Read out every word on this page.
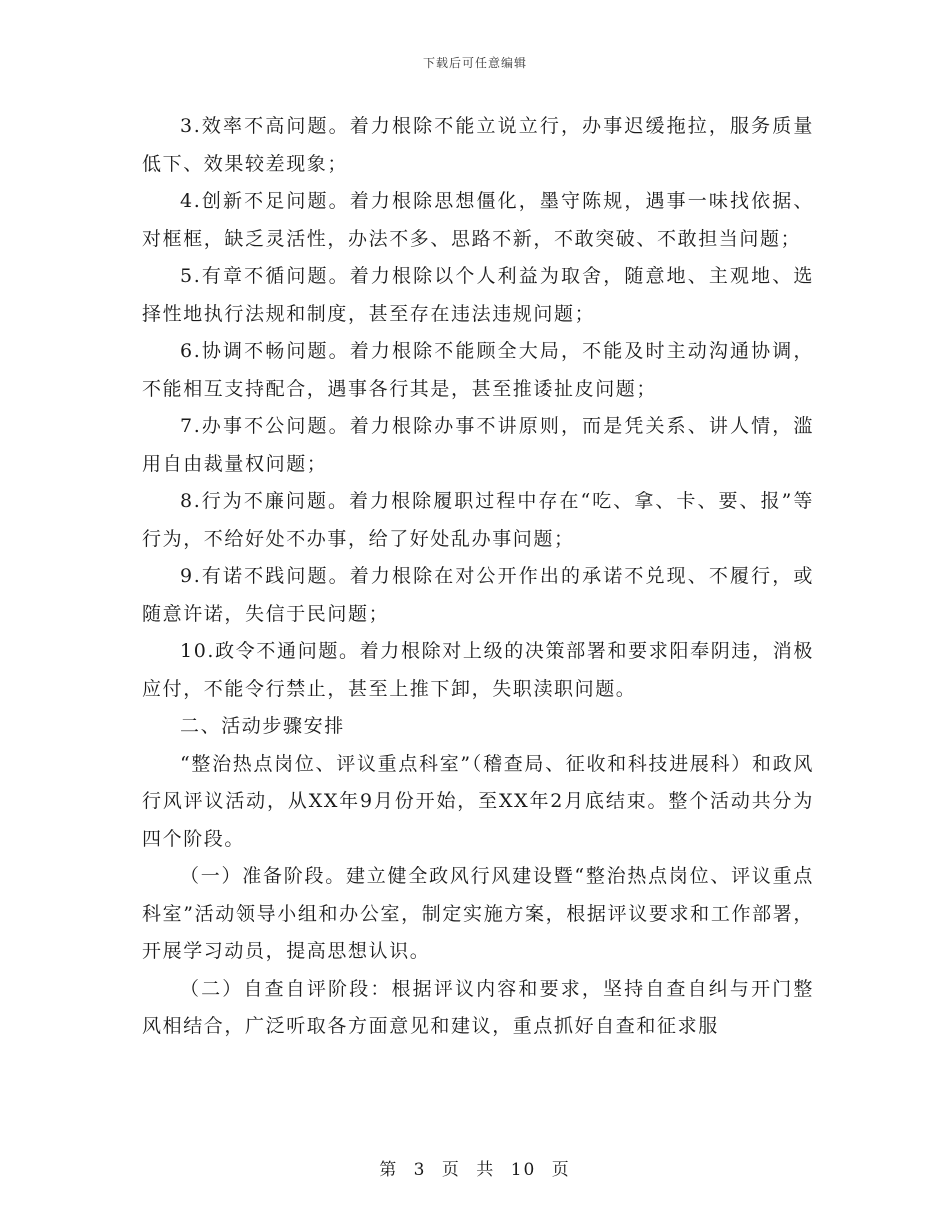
下载后可任意编辑

3.效率不高问题。着力根除不能立说立行，办事迟缓拖拉，服务质量低下、效果较差现象；

4.创新不足问题。着力根除思想僵化，墨守陈规，遇事一味找依据、对框框，缺乏灵活性，办法不多、思路不新，不敢突破、不敢担当问题；

5.有章不循问题。着力根除以个人利益为取舍，随意地、主观地、选择性地执行法规和制度，甚至存在违法违规问题；

6.协调不畅问题。着力根除不能顾全大局，不能及时主动沟通协调，不能相互支持配合，遇事各行其是，甚至推诿扯皮问题；

7.办事不公问题。着力根除办事不讲原则，而是凭关系、讲人情，滥用自由裁量权问题；

8.行为不廉问题。着力根除履职过程中存在“吃、拿、卡、要、报”等行为，不给好处不办事，给了好处乱办事问题；

9.有诺不践问题。着力根除在对公开作出的承诺不兑现、不履行，或随意许诺，失信于民问题；

10.政令不通问题。着力根除对上级的决策部署和要求阳奉阴违，消极应付，不能令行禁止，甚至上推下卸，失职渎职问题。

二、活动步骤安排

“整治热点岗位、评议重点科室”（稽查局、征收和科技进展科）和政风行风评议活动，从XX年9月份开始，至XX年2月底结束。整个活动共分为四个阶段。

（一）准备阶段。建立健全政风行风建设暨“整治热点岗位、评议重点科室”活动领导小组和办公室，制定实施方案，根据评议要求和工作部署，开展学习动员，提高思想认识。

（二）自查自评阶段：根据评议内容和要求，坚持自查自纠与开门整风相结合，广泛听取各方面意见和建议，重点抓好自查和征求服

第 3 页 共 10 页
